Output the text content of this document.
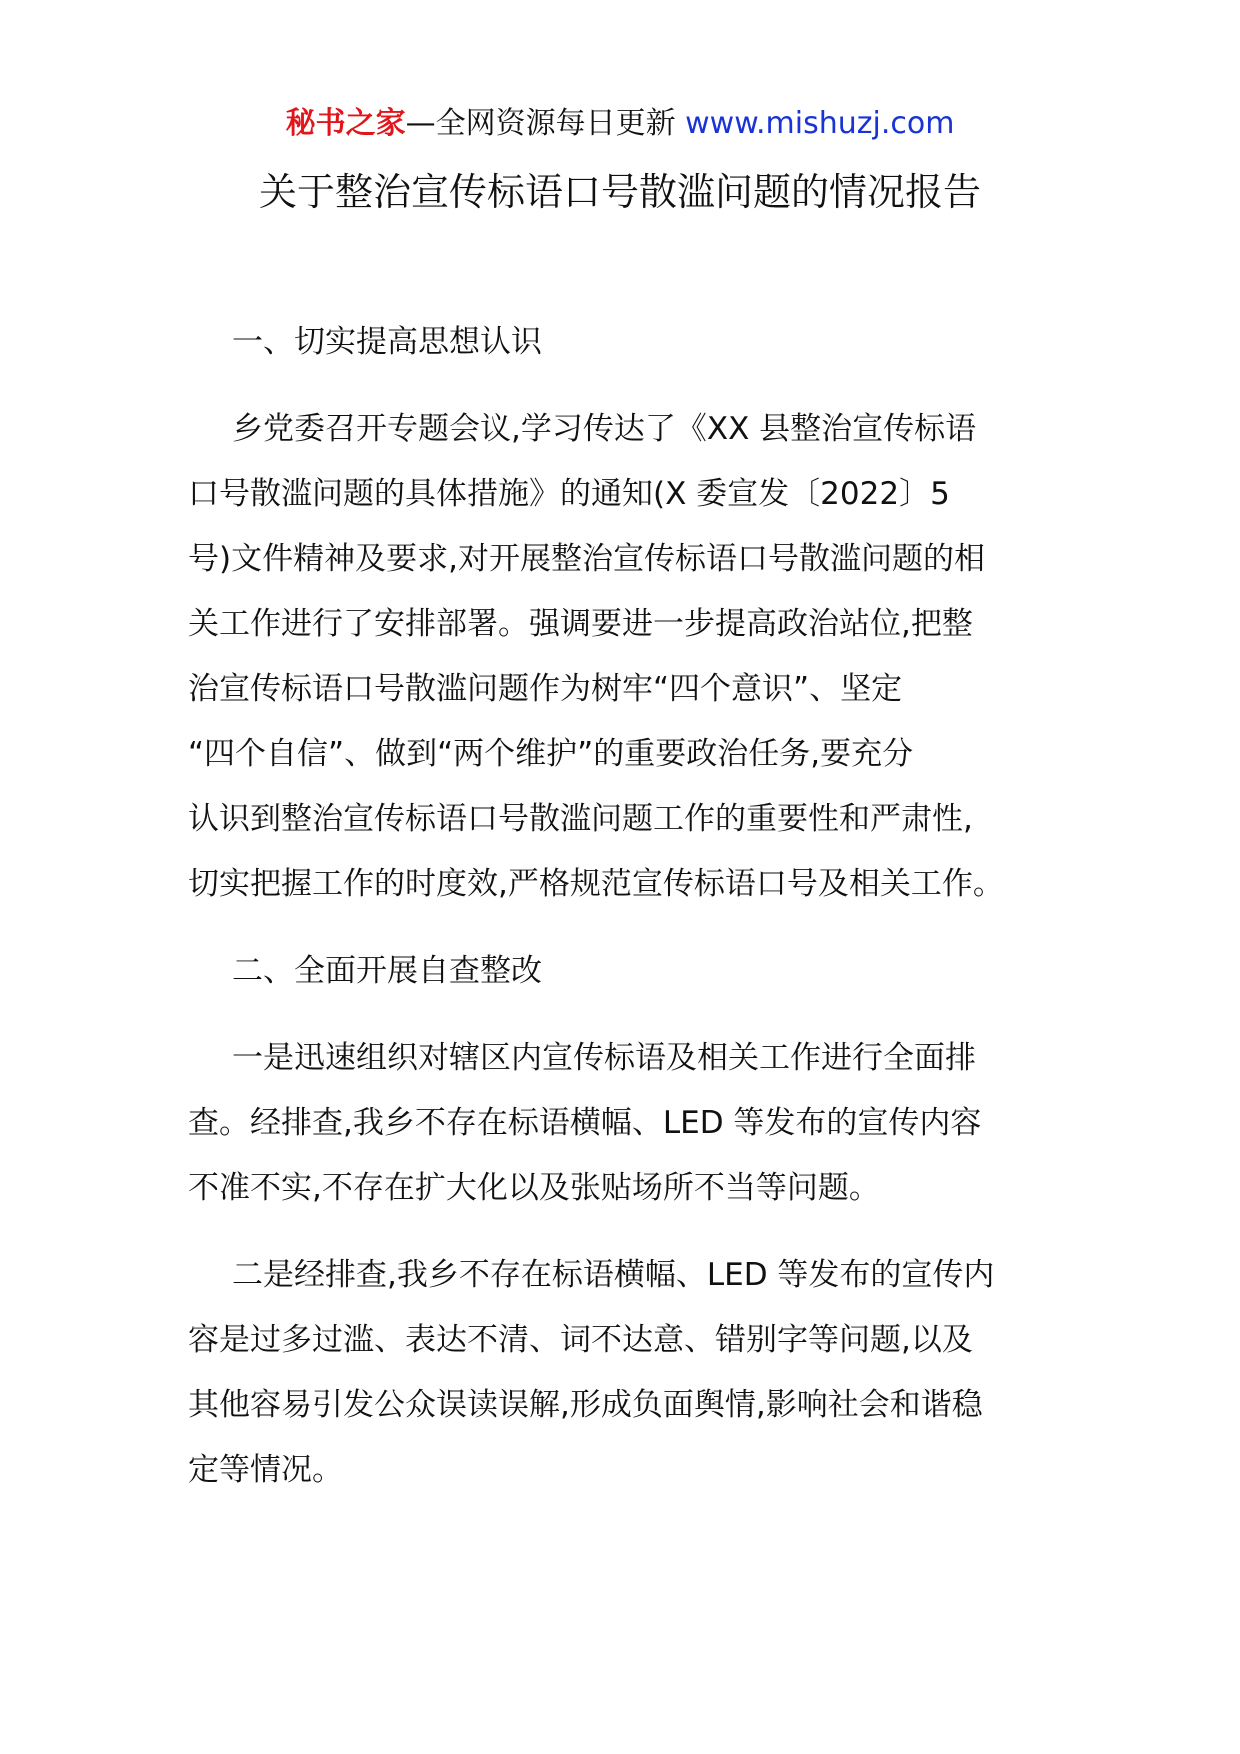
秘书之家—全网资源每日更新 www.mishuzj.com
关于整治宣传标语口号散滥问题的情况报告
一、切实提高思想认识
乡党委召开专题会议,学习传达了《XX 县整治宣传标语
口号散滥问题的具体措施》的通知(X 委宣发〔2022〕5
号)文件精神及要求,对开展整治宣传标语口号散滥问题的相
关工作进行了安排部署。强调要进一步提高政治站位,把整
治宣传标语口号散滥问题作为树牢“四个意识”、坚定
“四个自信”、做到“两个维护”的重要政治任务,要充分
认识到整治宣传标语口号散滥问题工作的重要性和严肃性,
切实把握工作的时度效,严格规范宣传标语口号及相关工作。
二、全面开展自查整改
一是迅速组织对辖区内宣传标语及相关工作进行全面排
查。经排查,我乡不存在标语横幅、LED 等发布的宣传内容
不准不实,不存在扩大化以及张贴场所不当等问题。
二是经排查,我乡不存在标语横幅、LED 等发布的宣传内
容是过多过滥、表达不清、词不达意、错别字等问题,以及
其他容易引发公众误读误解,形成负面舆情,影响社会和谐稳
定等情况。
